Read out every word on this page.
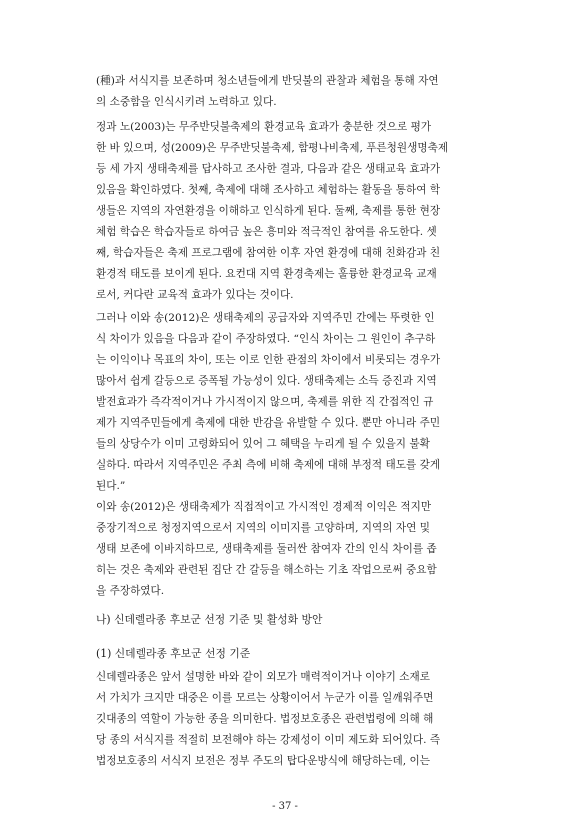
(種)과 서식지를 보존하며 청소년들에게 반딧불의 관찰과 체험을 통해 자연
의 소중함을 인식시키려 노력하고 있다.
정과 노(2003)는 무주반딧불축제의 환경교육 효과가 충분한 것으로 평가
한 바 있으며, 성(2009)은 무주반딧불축제, 함평나비축제, 푸른청원생명축제
등 세 가지 생태축제를 답사하고 조사한 결과, 다음과 같은 생태교육 효과가
있음을 확인하였다. 첫째, 축제에 대해 조사하고 체험하는 활동을 통하여 학
생들은 지역의 자연환경을 이해하고 인식하게 된다. 둘째, 축제를 통한 현장
체험 학습은 학습자들로 하여금 높은 흥미와 적극적인 참여를 유도한다. 셋
째, 학습자들은 축제 프로그램에 참여한 이후 자연 환경에 대해 친화감과 친
환경적 태도를 보이게 된다. 요컨대 지역 환경축제는 훌륭한 환경교육 교재
로서, 커다란 교육적 효과가 있다는 것이다.
그러나 이와 송(2012)은 생태축제의 공급자와 지역주민 간에는 뚜렷한 인
식 차이가 있음을 다음과 같이 주장하였다. “인식 차이는 그 원인이 추구하
는 이익이나 목표의 차이, 또는 이로 인한 관점의 차이에서 비롯되는 경우가
많아서 쉽게 갈등으로 증폭될 가능성이 있다. 생태축제는 소득 증진과 지역
발전효과가 즉각적이거나 가시적이지 않으며, 축제를 위한 직 간접적인 규
제가 지역주민들에게 축제에 대한 반감을 유발할 수 있다. 뿐만 아니라 주민
들의 상당수가 이미 고령화되어 있어 그 혜택을 누리게 될 수 있을지 불확
실하다. 따라서 지역주민은 주최 측에 비해 축제에 대해 부정적 태도를 갖게
된다.”
이와 송(2012)은 생태축제가 직접적이고 가시적인 경제적 이익은 적지만
중장기적으로 청정지역으로서 지역의 이미지를 고양하며, 지역의 자연 및
생태 보존에 이바지하므로, 생태축제를 둘러싼 참여자 간의 인식 차이를 좁
히는 것은 축제와 관련된 집단 간 갈등을 해소하는 기초 작업으로써 중요함
을 주장하였다.
나) 신데렐라종 후보군 선정 기준 및 활성화 방안
(1) 신데렐라종 후보군 선정 기준
신데렐라종은 앞서 설명한 바와 같이 외모가 매력적이거나 이야기 소재로
서 가치가 크지만 대중은 이를 모르는 상황이어서 누군가 이를 일깨워주면
깃대종의 역할이 가능한 종을 의미한다. 법정보호종은 관련법령에 의해 해
당 종의 서식지를 적절히 보전해야 하는 강제성이 이미 제도화 되어있다. 즉
법정보호종의 서식지 보전은 정부 주도의 탑다운방식에 해당하는데, 이는
- 37 -
